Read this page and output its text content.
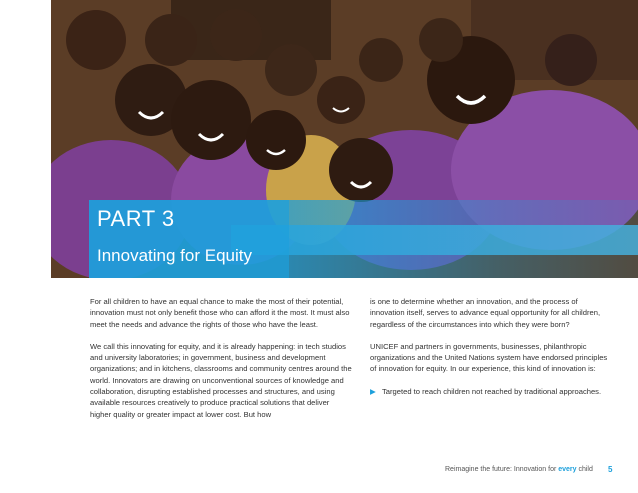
PART 3
Innovating for Equity

For all children to have an equal chance to make the most of their potential, innovation must not only benefit those who can afford it the most. It must also meet the needs and advance the rights of those who have the least.

We call this innovating for equity, and it is already happening: in tech studios and university laboratories; in government, business and development organizations; and in kitchens, classrooms and community centres around the world. Innovators are drawing on unconventional sources of knowledge and collaboration, disrupting established processes and structures, and using available resources creatively to produce practical solutions that deliver higher quality or greater impact at lower cost. But how

is one to determine whether an innovation, and the process of innovation itself, serves to advance equal opportunity for all children, regardless of the circumstances into which they were born?

UNICEF and partners in governments, businesses, philanthropic organizations and the United Nations system have endorsed principles of innovation for equity. In our experience, this kind of innovation is:

▶ Targeted to reach children not reached by traditional approaches.
Reimagine the future: Innovation for every child 5
